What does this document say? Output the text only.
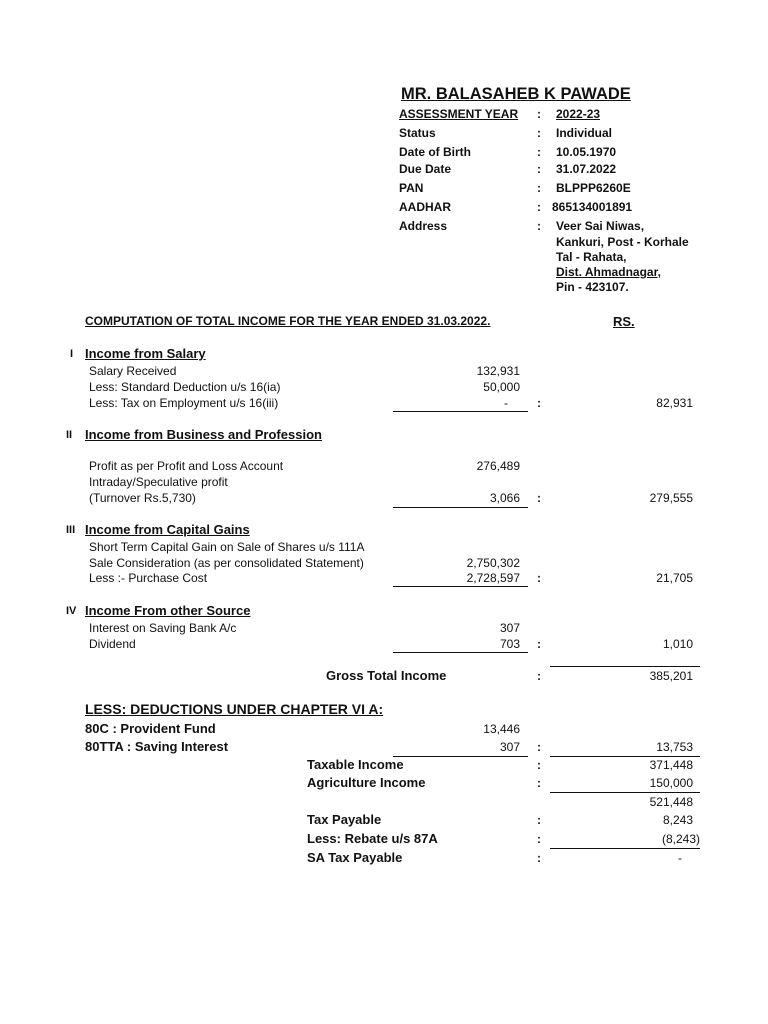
MR. BALASAHEB K PAWADE
ASSESSMENT YEAR : 2022-23
Status	: Individual
Date of Birth	: 10.05.1970
Due Date	: 31.07.2022
PAN	: BLPPP6260E
AADHAR	: 865134001891
Address	: Veer Sai Niwas,
Kankuri, Post - Korhale
Tal - Rahata,
Dist. Ahmadnagar,
Pin - 423107.
COMPUTATION OF TOTAL INCOME FOR THE YEAR ENDED 31.03.2022.	RS.
I Income from Salary
Salary Received	132,931
Less: Standard Deduction u/s 16(ia)	50,000
Less: Tax on Employment u/s 16(iii)	- :	82,931
II Income from Business and Profession
Profit as per Profit and Loss Account	276,489
Intraday/Speculative profit
(Turnover Rs.5,730)	3,066 :	279,555
III Income from Capital Gains
Short Term Capital Gain on Sale of Shares u/s 111A
Sale Consideration (as per consolidated Statement)	2,750,302
Less :- Purchase Cost	2,728,597 :	21,705
IV Income From other Source
Interest on Saving Bank A/c	307
Dividend	703 :	1,010
Gross Total Income	:	385,201
LESS: DEDUCTIONS UNDER CHAPTER VI A:
80C : Provident Fund	13,446
80TTA : Saving Interest	307 :	13,753
Taxable Income	:	371,448
Agriculture Income	:	150,000
521,448
Tax Payable	:	8,243
Less: Rebate u/s 87A	:	(8,243)
SA Tax Payable	:	-
